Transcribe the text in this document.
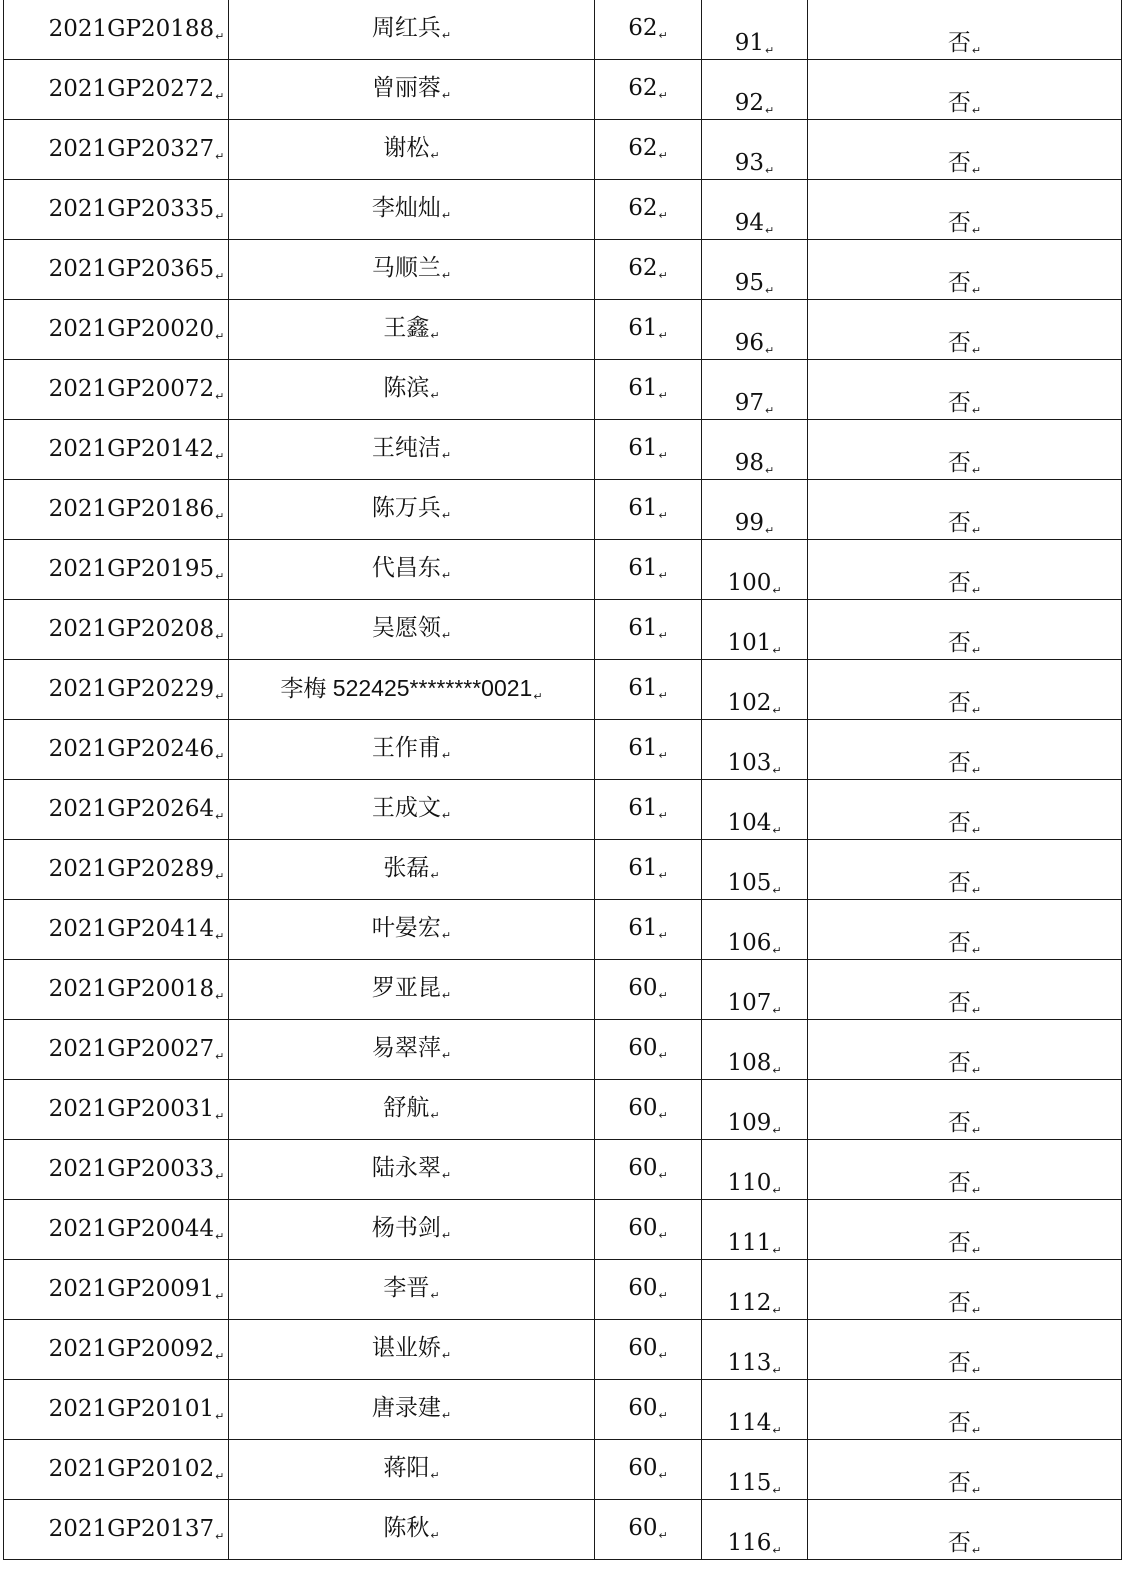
2021GP20188↵	周红兵↵	62↵	91↵	否↵
2021GP20272↵	曾丽蓉↵	62↵	92↵	否↵
2021GP20327↵	谢松↵	62↵	93↵	否↵
2021GP20335↵	李灿灿↵	62↵	94↵	否↵
2021GP20365↵	马顺兰↵	62↵	95↵	否↵
2021GP20020↵	王鑫↵	61↵	96↵	否↵
2021GP20072↵	陈滨↵	61↵	97↵	否↵
2021GP20142↵	王纯洁↵	61↵	98↵	否↵
2021GP20186↵	陈万兵↵	61↵	99↵	否↵
2021GP20195↵	代昌东↵	61↵	100↵	否↵
2021GP20208↵	吴愿领↵	61↵	101↵	否↵
2021GP20229↵	李梅 522425********0021↵	61↵	102↵	否↵
2021GP20246↵	王作甫↵	61↵	103↵	否↵
2021GP20264↵	王成文↵	61↵	104↵	否↵
2021GP20289↵	张磊↵	61↵	105↵	否↵
2021GP20414↵	叶晏宏↵	61↵	106↵	否↵
2021GP20018↵	罗亚昆↵	60↵	107↵	否↵
2021GP20027↵	易翠萍↵	60↵	108↵	否↵
2021GP20031↵	舒航↵	60↵	109↵	否↵
2021GP20033↵	陆永翠↵	60↵	110↵	否↵
2021GP20044↵	杨书剑↵	60↵	111↵	否↵
2021GP20091↵	李晋↵	60↵	112↵	否↵
2021GP20092↵	谌业娇↵	60↵	113↵	否↵
2021GP20101↵	唐录建↵	60↵	114↵	否↵
2021GP20102↵	蒋阳↵	60↵	115↵	否↵
2021GP20137↵	陈秋↵	60↵	116↵	否↵
